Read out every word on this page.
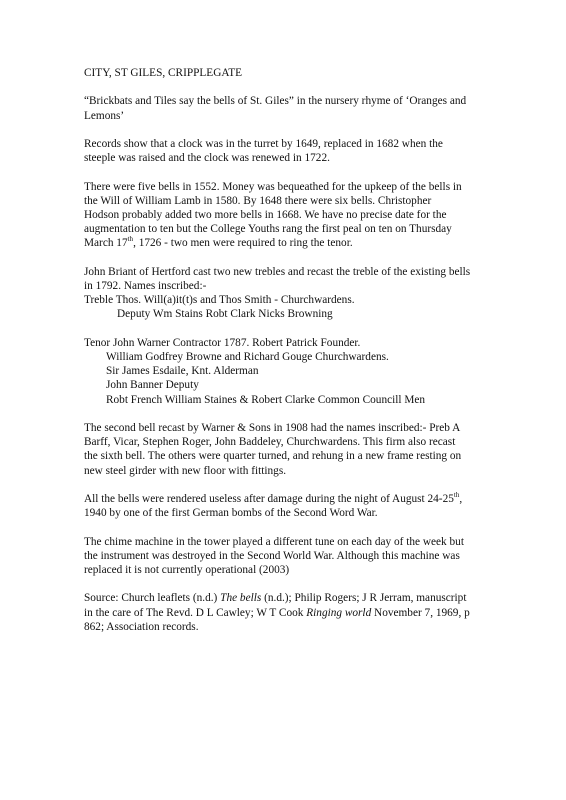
CITY, ST GILES, CRIPPLEGATE

“Brickbats and Tiles say the bells of St. Giles” in the nursery rhyme of ‘Oranges and
Lemons’

Records show that a clock was in the turret by 1649, replaced in 1682 when the
steeple was raised and the clock was renewed in 1722.

There were five bells in 1552. Money was bequeathed for the upkeep of the bells in
the Will of William Lamb in 1580. By 1648 there were six bells. Christopher
Hodson probably added two more bells in 1668. We have no precise date for the
augmentation to ten but the College Youths rang the first peal on ten on Thursday
March 17th, 1726 - two men were required to ring the tenor.

John Briant of Hertford cast two new trebles and recast the treble of the existing bells
in 1792. Names inscribed:-
Treble Thos. Will(a)it(t)s and Thos Smith - Churchwardens.
Deputy Wm Stains Robt Clark Nicks Browning

Tenor John Warner Contractor 1787. Robert Patrick Founder.
William Godfrey Browne and Richard Gouge Churchwardens.
Sir James Esdaile, Knt. Alderman
John Banner Deputy
Robt French William Staines & Robert Clarke Common Councill Men

The second bell recast by Warner & Sons in 1908 had the names inscribed:- Preb A
Barff, Vicar, Stephen Roger, John Baddeley, Churchwardens. This firm also recast
the sixth bell. The others were quarter turned, and rehung in a new frame resting on
new steel girder with new floor with fittings.

All the bells were rendered useless after damage during the night of August 24-25th,
1940 by one of the first German bombs of the Second Word War.

The chime machine in the tower played a different tune on each day of the week but
the instrument was destroyed in the Second World War. Although this machine was
replaced it is not currently operational (2003)

Source: Church leaflets (n.d.) The bells (n.d.); Philip Rogers; J R Jerram, manuscript
in the care of The Revd. D L Cawley; W T Cook Ringing world November 7, 1969, p
862; Association records.
